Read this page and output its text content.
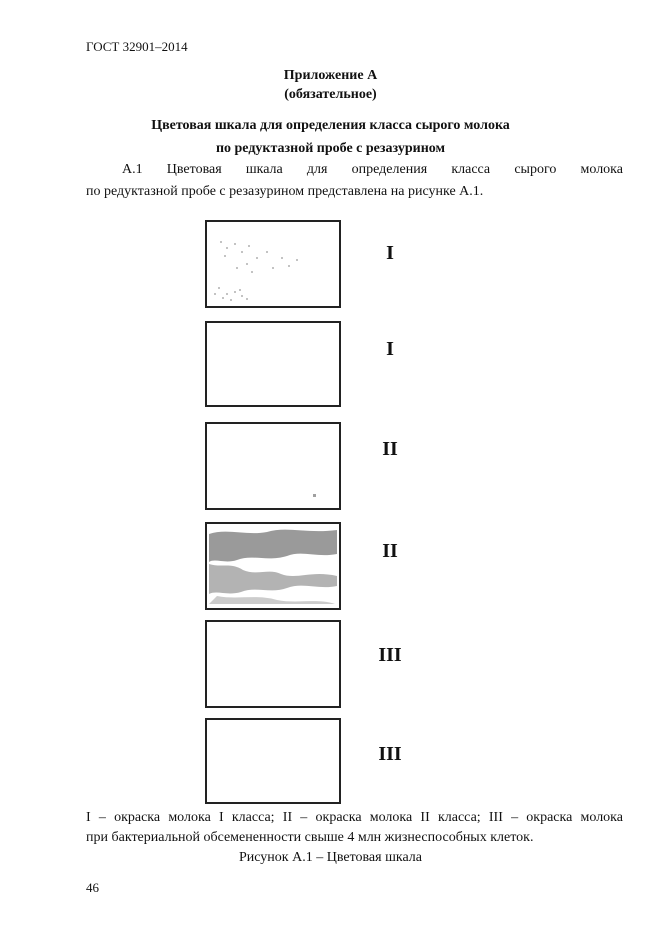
ГОСТ 32901–2014
Приложение А
(обязательное)
Цветовая шкала для определения класса сырого молока
по редуктазной пробе с резазурином
А.1 Цветовая шкала для определения класса сырого молока
по редуктазной пробе с резазурином представлена на рисунке А.1.
I
I
II
II
III
III
I – окраска молока I класса; II – окраска молока II класса; III – окраска молока
при бактериальной обсемененности свыше 4 млн жизнеспособных клеток.
Рисунок А.1 – Цветовая шкала
46
